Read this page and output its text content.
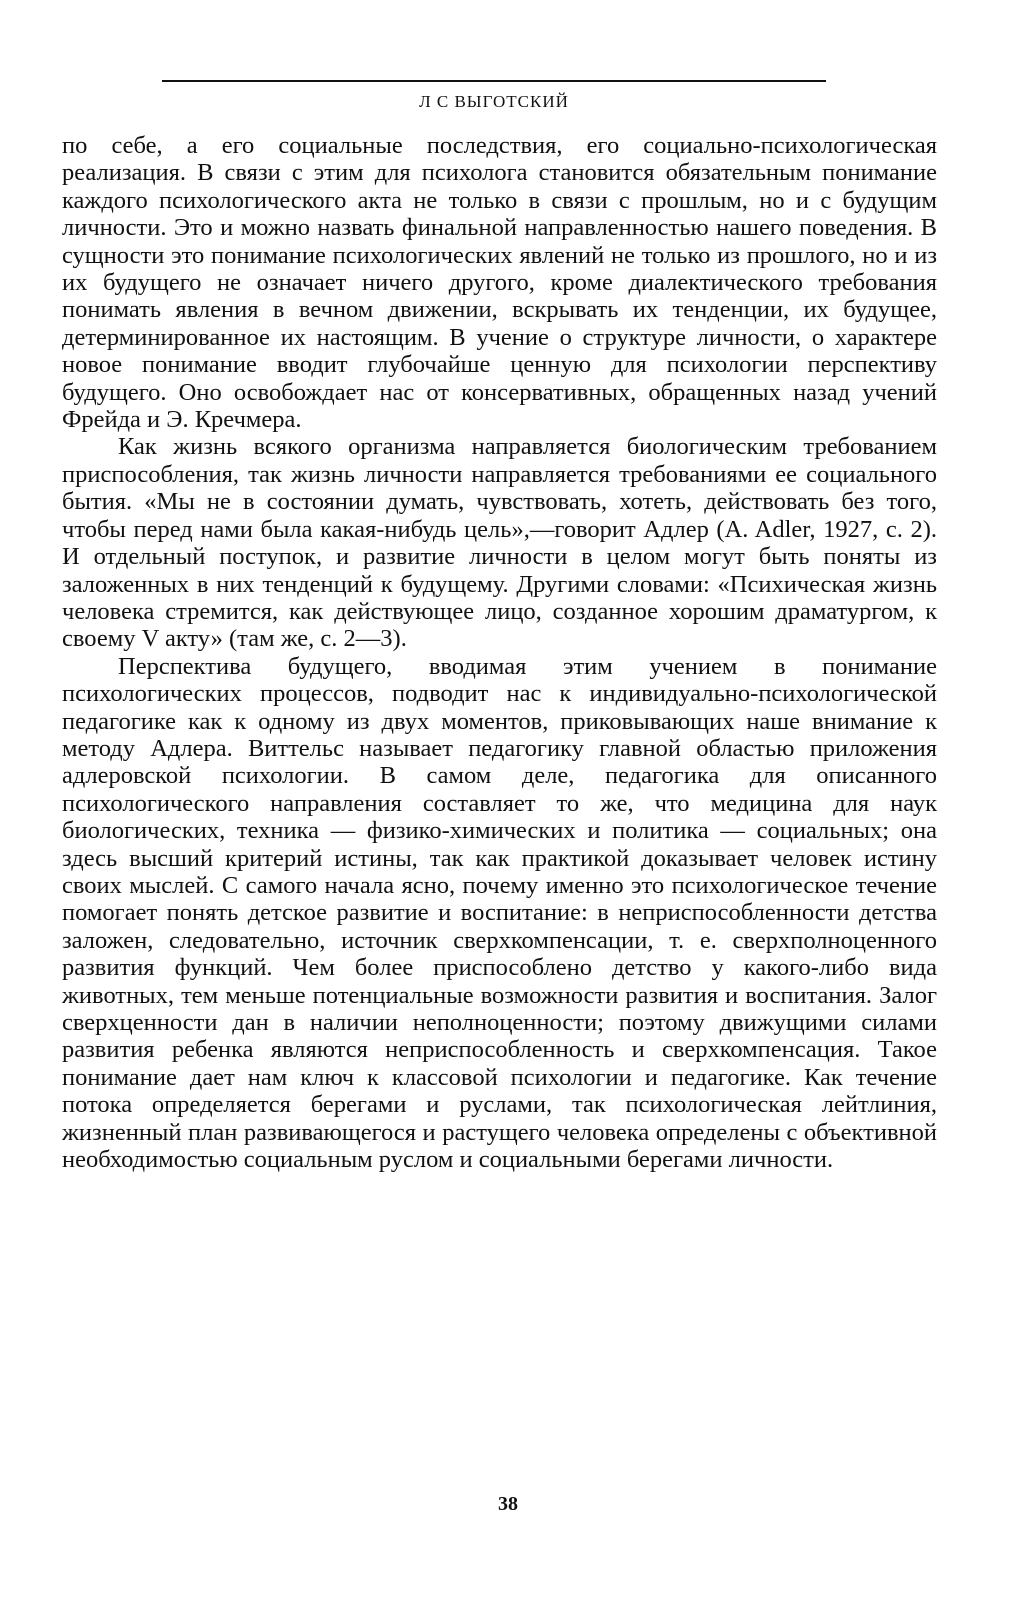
Л С ВЫГОТСКИЙ

по себе, а его социальные последствия, его социально-психологическая реализация. В связи с этим для психолога становится обязательным понимание каждого психологического акта не только в связи с прошлым, но и с будущим личности. Это и можно назвать финальной направленностью нашего поведения. В сущности это понимание психологических явлений не только из прошлого, но и из их будущего не означает ничего другого, кроме диалектического требования понимать явления в вечном движении, вскрывать их тенденции, их будущее, детерминированное их настоящим. В учение о структуре личности, о характере новое понимание вводит глубочайше ценную для психологии перспективу будущего. Оно освобождает нас от консервативных, обращенных назад учений Фрейда и Э. Кречмера.

Как жизнь всякого организма направляется биологическим требованием приспособления, так жизнь личности направляется требованиями ее социального бытия. «Мы не в состоянии думать, чувствовать, хотеть, действовать без того, чтобы перед нами была какая-нибудь цель»,—говорит Адлер (A. Adler, 1927, с. 2). И отдельный поступок, и развитие личности в целом могут быть поняты из заложенных в них тенденций к будущему. Другими словами: «Психическая жизнь человека стремится, как действующее лицо, созданное хорошим драматургом, к своему V акту» (там же, с. 2—3).

Перспектива будущего, вводимая этим учением в понимание психологических процессов, подводит нас к индивидуально-психологической педагогике как к одному из двух моментов, приковывающих наше внимание к методу Адлера. Виттельс называет педагогику главной областью приложения адлеровской психологии. В самом деле, педагогика для описанного психологического направления составляет то же, что медицина для наук биологических, техника — физико-химических и политика — социальных; она здесь высший критерий истины, так как практикой доказывает человек истину своих мыслей. С самого начала ясно, почему именно это психологическое течение помогает понять детское развитие и воспитание: в неприспособленности детства заложен, следовательно, источник сверхкомпенсации, т. е. сверхполноценного развития функций. Чем более приспособлено детство у какого-либо вида животных, тем меньше потенциальные возможности развития и воспитания. Залог сверхценности дан в наличии неполноценности; поэтому движущими силами развития ребенка являются неприспособленность и сверхкомпенсация. Такое понимание дает нам ключ к классовой психологии и педагогике. Как течение потока определяется берегами и руслами, так психологическая лейтлиния, жизненный план развивающегося и растущего человека определены с объективной необходимостью социальным руслом и социальными берегами личности.

38
